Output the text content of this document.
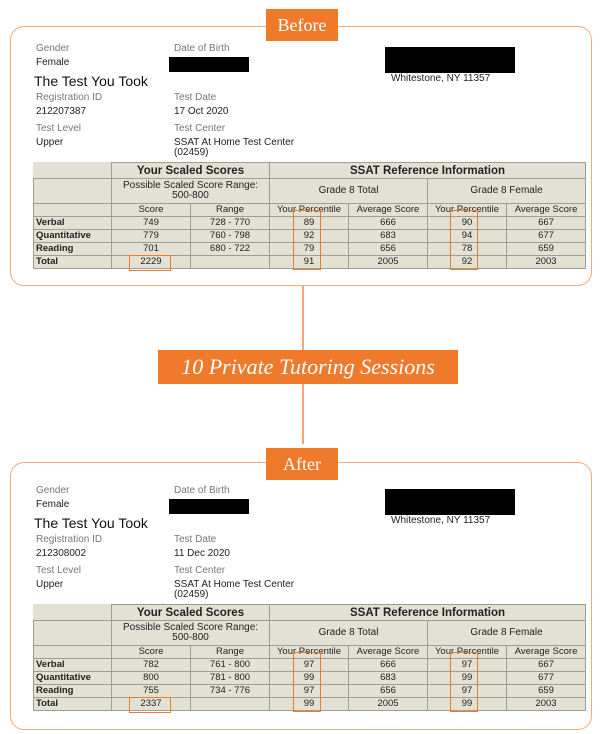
Gender
Female
Date of Birth
Whitestone, NY 11357
The Test You Took
Registration ID
212207387
Test Date
17 Oct 2020
Test Level
Upper
Test Center
SSAT At Home Test Center
(02459)
	Your Scaled Scores		SSAT Reference Information			
	Possible Scaled Score Range:
500-800		Grade 8 Total		Grade 8 Female	
	Score	Range	Your Percentile	Average Score	Your Percentile	Average Score
Verbal	749	728 - 770	89	666	90	667
Quantitative	779	760 - 798	92	683	94	677
Reading	701	680 - 722	79	656	78	659
Total	2229		91	2005	92	2003
Before
10 Private Tutoring Sessions
Gender
Female
Date of Birth
Whitestone, NY 11357
The Test You Took
Registration ID
212308002
Test Date
11 Dec 2020
Test Level
Upper
Test Center
SSAT At Home Test Center
(02459)
	Your Scaled Scores		SSAT Reference Information			
	Possible Scaled Score Range:
500-800		Grade 8 Total		Grade 8 Female	
	Score	Range	Your Percentile	Average Score	Your Percentile	Average Score
Verbal	782	761 - 800	97	666	97	667
Quantitative	800	781 - 800	99	683	99	677
Reading	755	734 - 776	97	656	97	659
Total	2337		99	2005	99	2003
After
